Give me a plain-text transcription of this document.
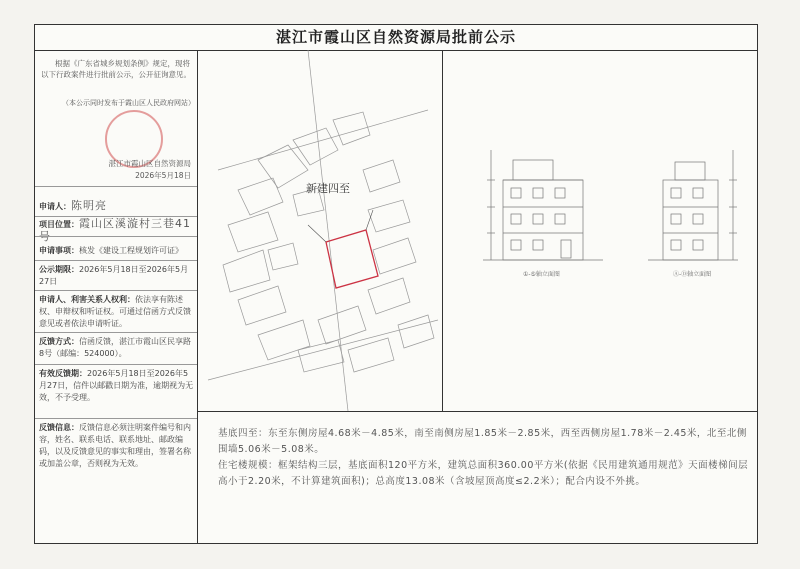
湛江市霞山区自然资源局批前公示
根据《广东省城乡规划条例》规定，现将以下行政案件进行批前公示，公开征询意见。
（本公示同时发布于霞山区人民政府网站）
湛江市霞山区自然资源局
2026年5月18日
申请人：陈明亮
项目位置：霞山区溪漩村三巷41号
申请事项：核发《建设工程规划许可证》
公示期限：2026年5月18日至2026年5月27日
申请人、利害关系人权利：依法享有陈述权、申辩权和听证权。可通过信函方式反馈意见或者依法申请听证。
反馈方式：信函反馈，湛江市霞山区民享路8号（邮编：524000）。
有效反馈期：2026年5月18日至2026年5月27日，信件以邮戳日期为准，逾期视为无效，不予受理。
反馈信息：反馈信息必须注明案件编号和内容，姓名、联系电话、联系地址、邮政编码，以及反馈意见的事实和理由，签署名称或加盖公章，否则视为无效。
新建四至
①-⑤轴立面图	Ⓐ-Ⓓ轴立面图
基底四至：东至东侧房屋4.68米－4.85米，南至南侧房屋1.85米－2.85米，西至西侧房屋1.78米－2.45米，北至北侧围墙5.06米－5.08米。
住宅楼规模：框架结构三层，基底面积120平方米，建筑总面积360.00平方米(依据《民用建筑通用规范》天面楼梯间层高小于2.20米，不计算建筑面积)；总高度13.08米（含坡屋顶高度≤2.2米）；配合内设不外挑。
